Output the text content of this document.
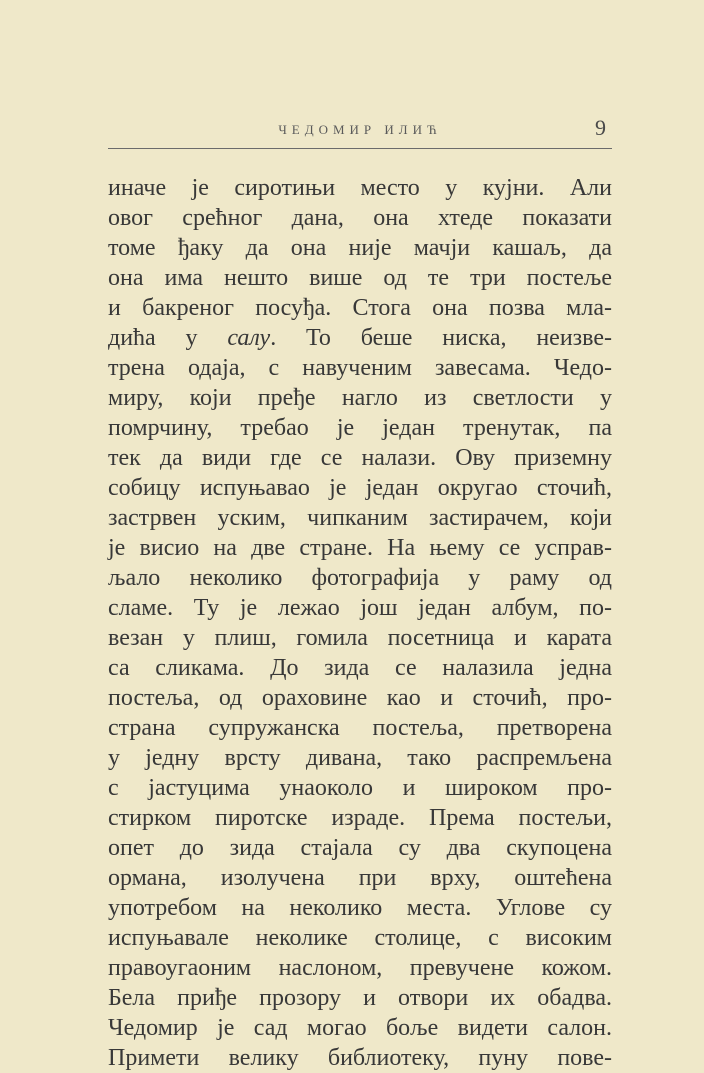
ЧЕДОМИР ИЛИЋ	9
иначе је сиротињи место у кујни. Али
овог срећног дана, она хтеде показати
томе ђаку да она није мачји кашаљ, да
она има нешто више од те три постеље
и бакреног посуђа. Стога она позва мла-
дића у салу. То беше ниска, неизве-
трена одаја, с навученим завесама. Чедо-
миру, који пређе нагло из светлости у
помрчину, требао је један тренутак, па
тек да види где се налази. Ову приземну
собицу испуњавао је један округао сточић,
застрвен уским, чипканим застирачем, који
је висио на две стране. На њему се усправ-
љало неколико фотографија у раму од
сламе. Ту је лежао још један албум, по-
везан у плиш, гомила посетница и карата
са сликама. До зида се налазила једна
постеља, од ораховине као и сточић, про-
страна супружанска постеља, претворена
у једну врсту дивана, тако распремљена
с јастуцима унаоколо и широком про-
стирком пиротске израде. Према постељи,
опет до зида стајала су два скупоцена
ормана, изолучена при врху, оштећена
употребом на неколико места. Углове су
испуњавале неколике столице, с високим
правоугаоним наслоном, превучене кожом.
Бела приђе прозору и отвори их обадва.
Чедомир је сад могао боље видети салон.
Примети велику библиотеку, пуну пове-
